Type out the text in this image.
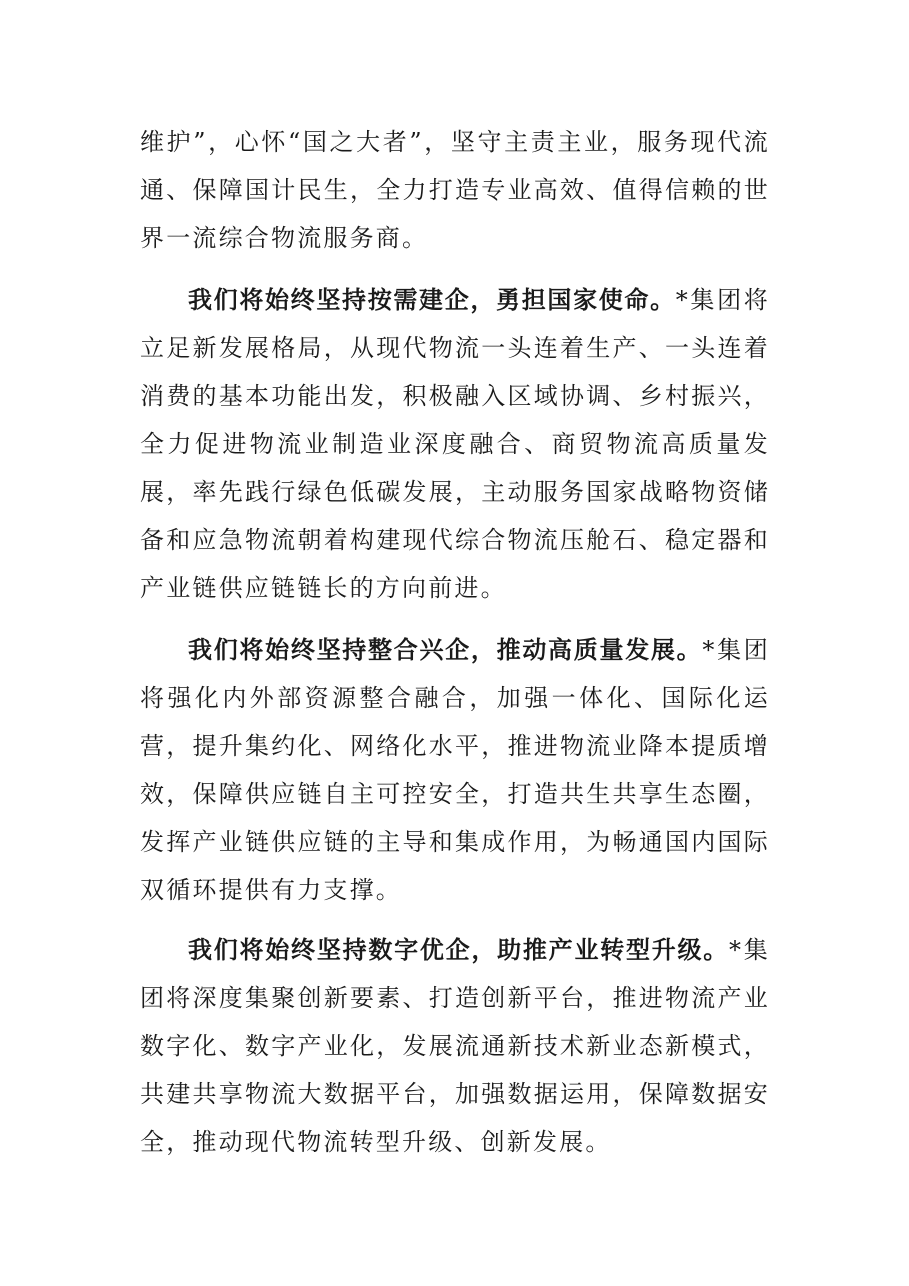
维护”，心怀“国之大者”，坚守主责主业，服务现代流通、保障国计民生，全力打造专业高效、值得信赖的世界一流综合物流服务商。

我们将始终坚持按需建企，勇担国家使命。*集团将立足新发展格局，从现代物流一头连着生产、一头连着消费的基本功能出发，积极融入区域协调、乡村振兴，全力促进物流业制造业深度融合、商贸物流高质量发展，率先践行绿色低碳发展，主动服务国家战略物资储备和应急物流朝着构建现代综合物流压舱石、稳定器和产业链供应链链长的方向前进。

我们将始终坚持整合兴企，推动高质量发展。*集团将强化内外部资源整合融合，加强一体化、国际化运营，提升集约化、网络化水平，推进物流业降本提质增效，保障供应链自主可控安全，打造共生共享生态圈，发挥产业链供应链的主导和集成作用，为畅通国内国际双循环提供有力支撑。

我们将始终坚持数字优企，助推产业转型升级。*集团将深度集聚创新要素、打造创新平台，推进物流产业数字化、数字产业化，发展流通新技术新业态新模式，共建共享物流大数据平台，加强数据运用，保障数据安全，推动现代物流转型升级、创新发展。
